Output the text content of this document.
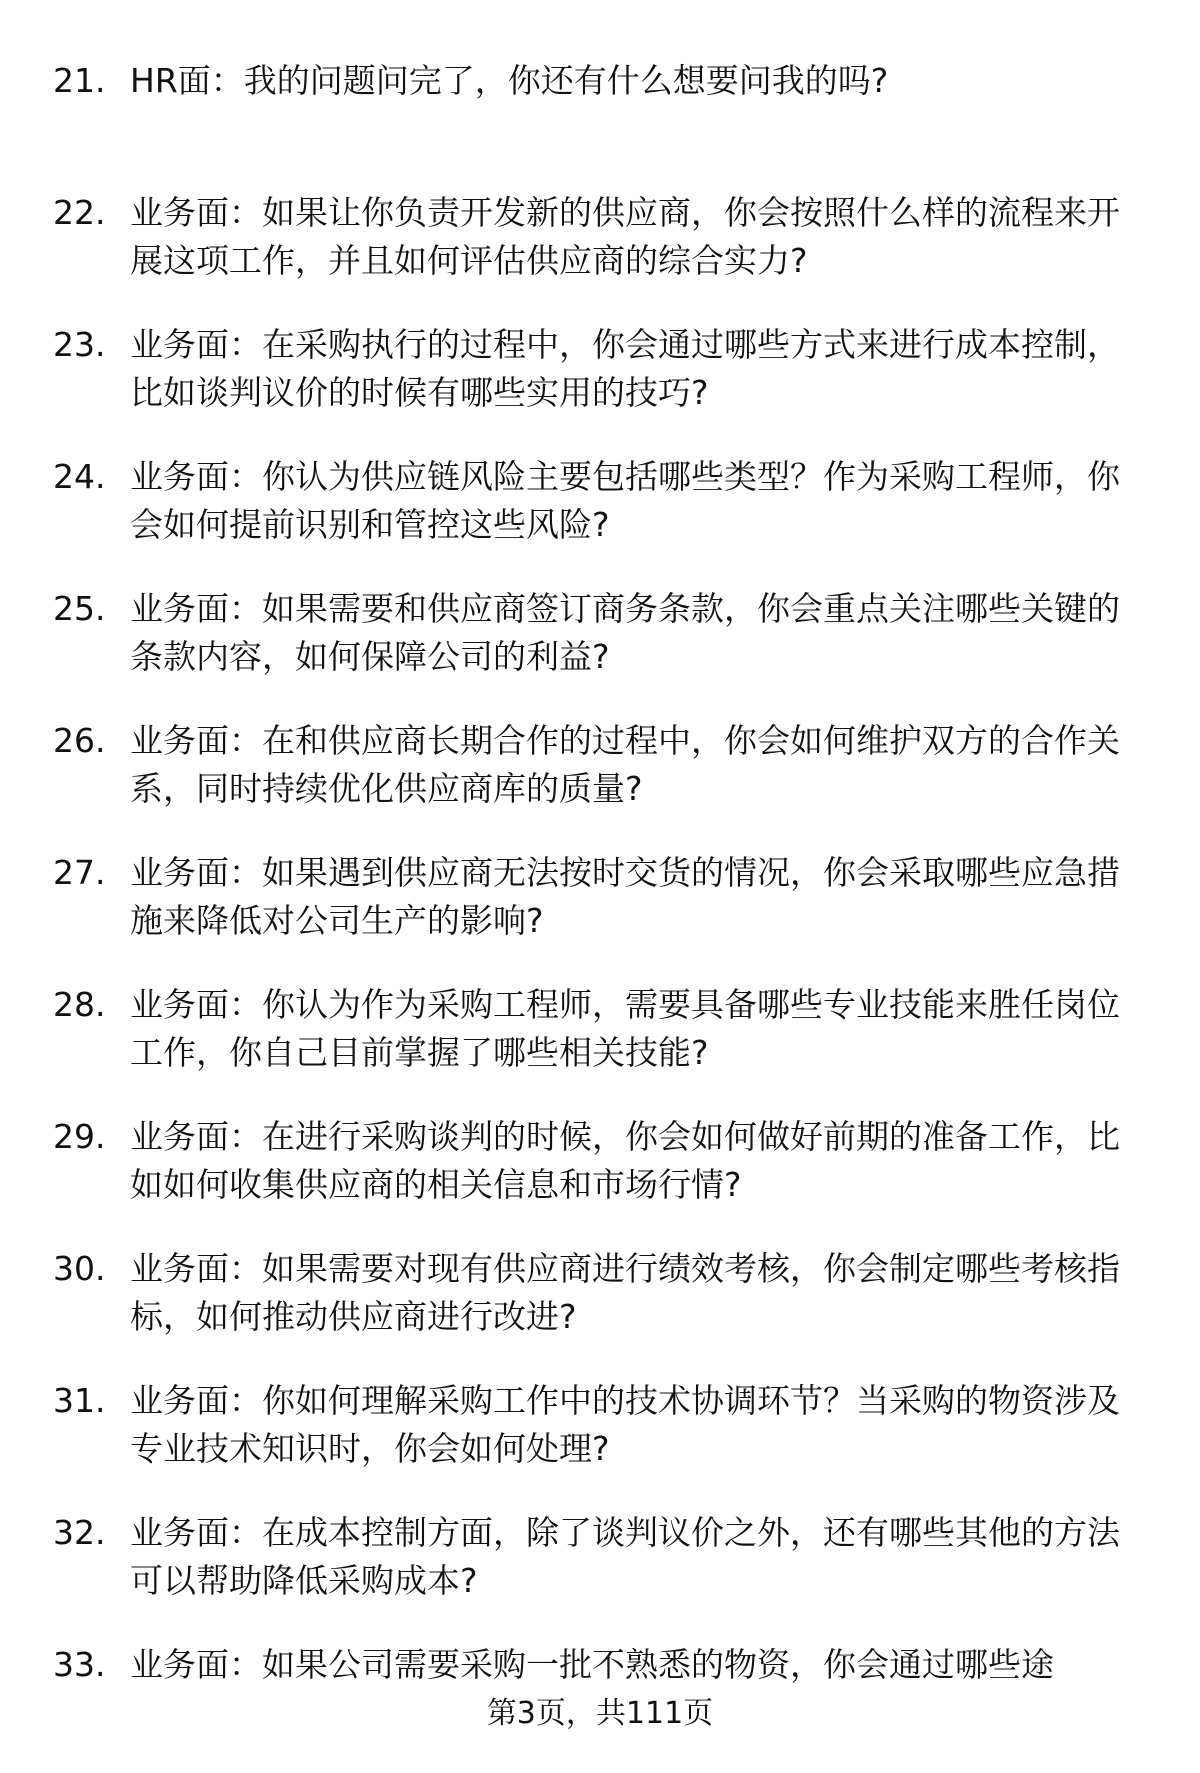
21. HR面：我的问题问完了，你还有什么想要问我的吗?
22. 业务面：如果让你负责开发新的供应商，你会按照什么样的流程来开展这项工作，并且如何评估供应商的综合实力?
23. 业务面：在采购执行的过程中，你会通过哪些方式来进行成本控制，比如谈判议价的时候有哪些实用的技巧?
24. 业务面：你认为供应链风险主要包括哪些类型？作为采购工程师，你会如何提前识别和管控这些风险?
25. 业务面：如果需要和供应商签订商务条款，你会重点关注哪些关键的条款内容，如何保障公司的利益?
26. 业务面：在和供应商长期合作的过程中，你会如何维护双方的合作关系，同时持续优化供应商库的质量?
27. 业务面：如果遇到供应商无法按时交货的情况，你会采取哪些应急措施来降低对公司生产的影响?
28. 业务面：你认为作为采购工程师，需要具备哪些专业技能来胜任岗位工作，你自己目前掌握了哪些相关技能?
29. 业务面：在进行采购谈判的时候，你会如何做好前期的准备工作，比如如何收集供应商的相关信息和市场行情?
30. 业务面：如果需要对现有供应商进行绩效考核，你会制定哪些考核指标，如何推动供应商进行改进?
31. 业务面：你如何理解采购工作中的技术协调环节？当采购的物资涉及专业技术知识时，你会如何处理?
32. 业务面：在成本控制方面，除了谈判议价之外，还有哪些其他的方法可以帮助降低采购成本?
33. 业务面：如果公司需要采购一批不熟悉的物资，你会通过哪些途
第3页，共111页
